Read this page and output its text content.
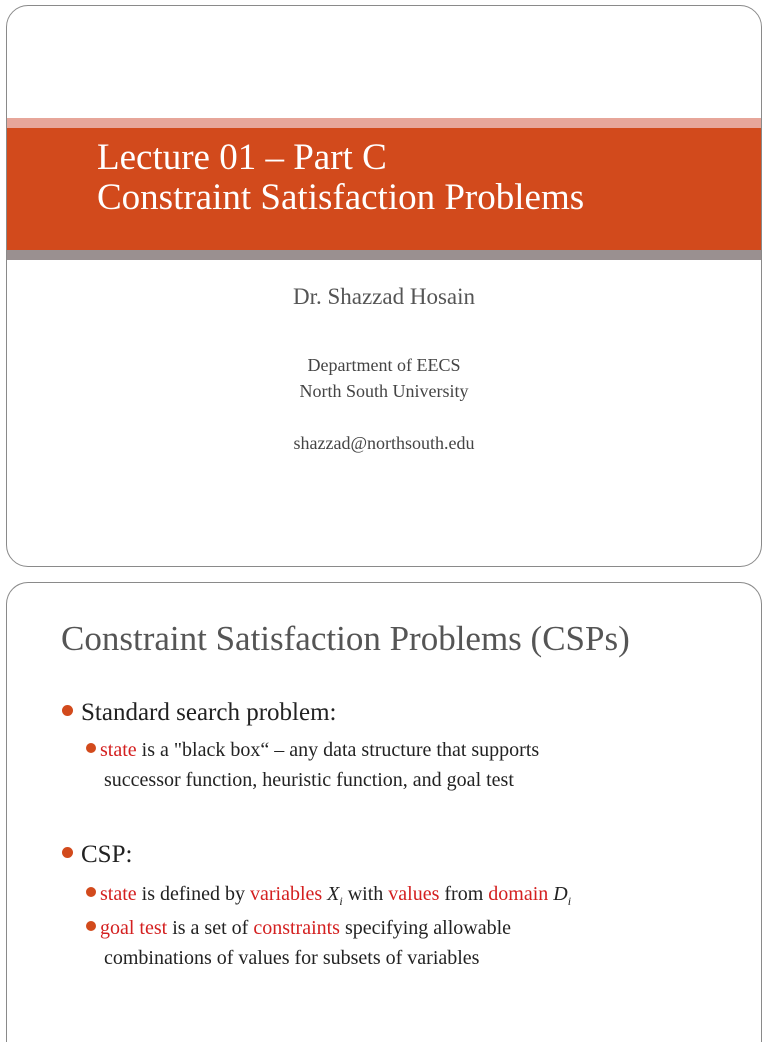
Lecture 01 – Part C
Constraint Satisfaction Problems
Dr. Shazzad Hosain
Department of EECS
North South University
shazzad@northsouth.edu
Constraint Satisfaction Problems (CSPs)
Standard search problem:
state is a "black box“ – any data structure that supports
successor function, heuristic function, and goal test
CSP:
state is defined by variables $X_i$ with values from domain $D_i$
goal test is a set of constraints specifying allowable
combinations of values for subsets of variables
